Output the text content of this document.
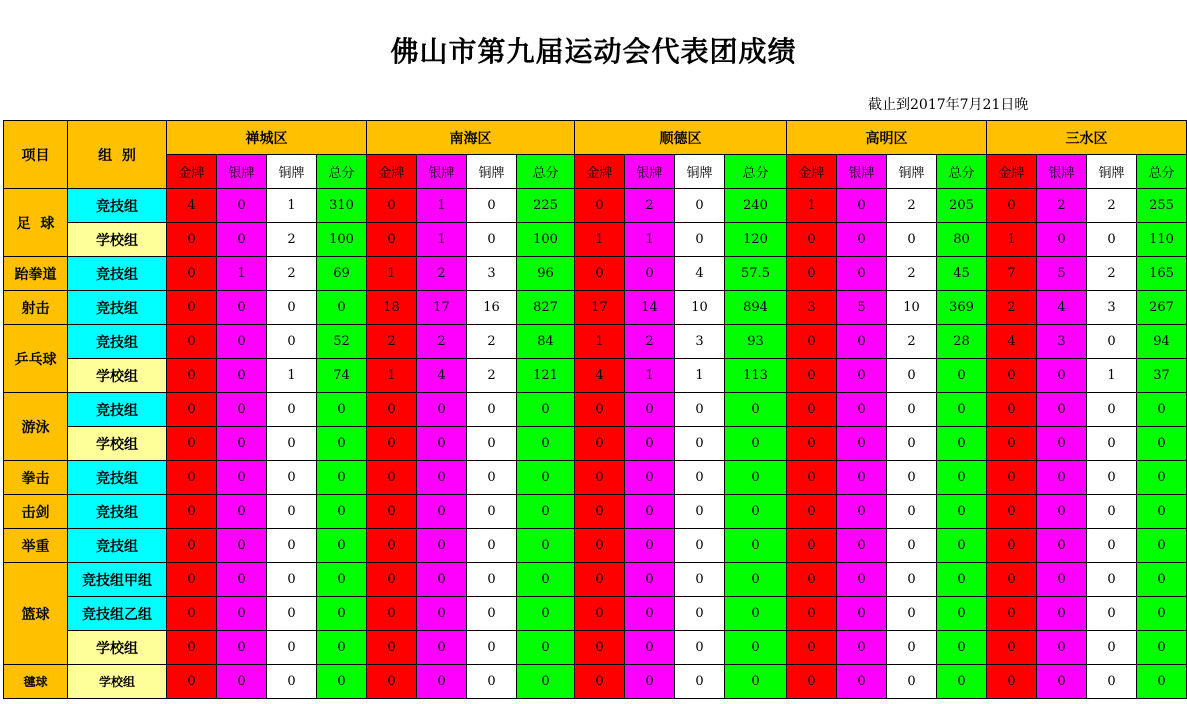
佛山市第九届运动会代表团成绩
截止到2017年7月21日晚
项目	组  别	禅城区				南海区				顺德区				高明区				三水区			
		金牌	银牌	铜牌	总分	金牌	银牌	铜牌	总分	金牌	银牌	铜牌	总分	金牌	银牌	铜牌	总分	金牌	银牌	铜牌	总分
足  球	竞技组	4	0	1	310	0	1	0	225	0	2	0	240	1	0	2	205	0	2	2	255
	学校组	0	0	2	100	0	1	0	100	1	1	0	120	0	0	0	80	1	0	0	110
跆拳道	竞技组	0	1	2	69	1	2	3	96	0	0	4	57.5	0	0	2	45	7	5	2	165
射击	竞技组	0	0	0	0	18	17	16	827	17	14	10	894	3	5	10	369	2	4	3	267
乒乓球	竞技组	0	0	0	52	2	2	2	84	1	2	3	93	0	0	2	28	4	3	0	94
	学校组	0	0	1	74	1	4	2	121	4	1	1	113	0	0	0	0	0	0	1	37
游泳	竞技组	0	0	0	0	0	0	0	0	0	0	0	0	0	0	0	0	0	0	0	0
	学校组	0	0	0	0	0	0	0	0	0	0	0	0	0	0	0	0	0	0	0	0
拳击	竞技组	0	0	0	0	0	0	0	0	0	0	0	0	0	0	0	0	0	0	0	0
击剑	竞技组	0	0	0	0	0	0	0	0	0	0	0	0	0	0	0	0	0	0	0	0
举重	竞技组	0	0	0	0	0	0	0	0	0	0	0	0	0	0	0	0	0	0	0	0
篮球	竞技组甲组	0	0	0	0	0	0	0	0	0	0	0	0	0	0	0	0	0	0	0	0
	竞技组乙组	0	0	0	0	0	0	0	0	0	0	0	0	0	0	0	0	0	0	0	0
	学校组	0	0	0	0	0	0	0	0	0	0	0	0	0	0	0	0	0	0	0	0
毽球	学校组	0	0	0	0	0	0	0	0	0	0	0	0	0	0	0	0	0	0	0	0
